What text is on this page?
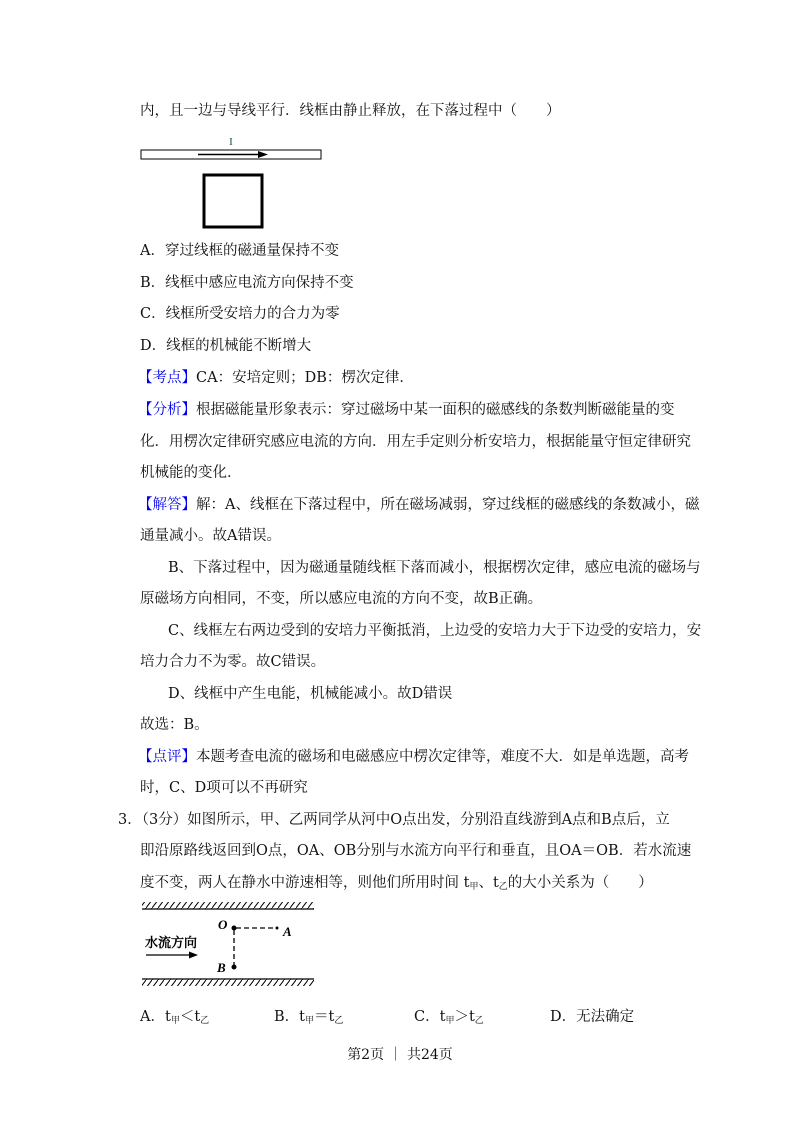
内，且一边与导线平行．线框由静止释放，在下落过程中（　　）
I
A．穿过线框的磁通量保持不变
B．线框中感应电流方向保持不变
C．线框所受安培力的合力为零
D．线框的机械能不断增大
【考点】CA：安培定则；DB：楞次定律．
【分析】根据磁能量形象表示：穿过磁场中某一面积的磁感线的条数判断磁能量的变
化．用楞次定律研究感应电流的方向．用左手定则分析安培力，根据能量守恒定律研究
机械能的变化．
【解答】解：A、线框在下落过程中，所在磁场减弱，穿过线框的磁感线的条数减小，磁
通量减小。故A错误。
B、下落过程中，因为磁通量随线框下落而减小，根据楞次定律，感应电流的磁场与
原磁场方向相同，不变，所以感应电流的方向不变，故B正确。
C、线框左右两边受到的安培力平衡抵消，上边受的安培力大于下边受的安培力，安
培力合力不为零。故C错误。
D、线框中产生电能，机械能减小。故D错误
故选：B。
【点评】本题考查电流的磁场和电磁感应中楞次定律等，难度不大．如是单选题，高考
时，C、D项可以不再研究
3．（3分）如图所示，甲、乙两同学从河中O点出发，分别沿直线游到A点和B点后，立
即沿原路线返回到O点，OA、OB分别与水流方向平行和垂直，且OA＝OB．若水流速
度不变，两人在静水中游速相等，则他们所用时间 $t_甲$、$t_乙$的大小关系为（　　）
O	A
B
水流方向
A．$t_甲<t_乙$	B．$t_甲=t_乙$	C．$t_甲>t_乙$	D．无法确定
第2页 ｜ 共24页
